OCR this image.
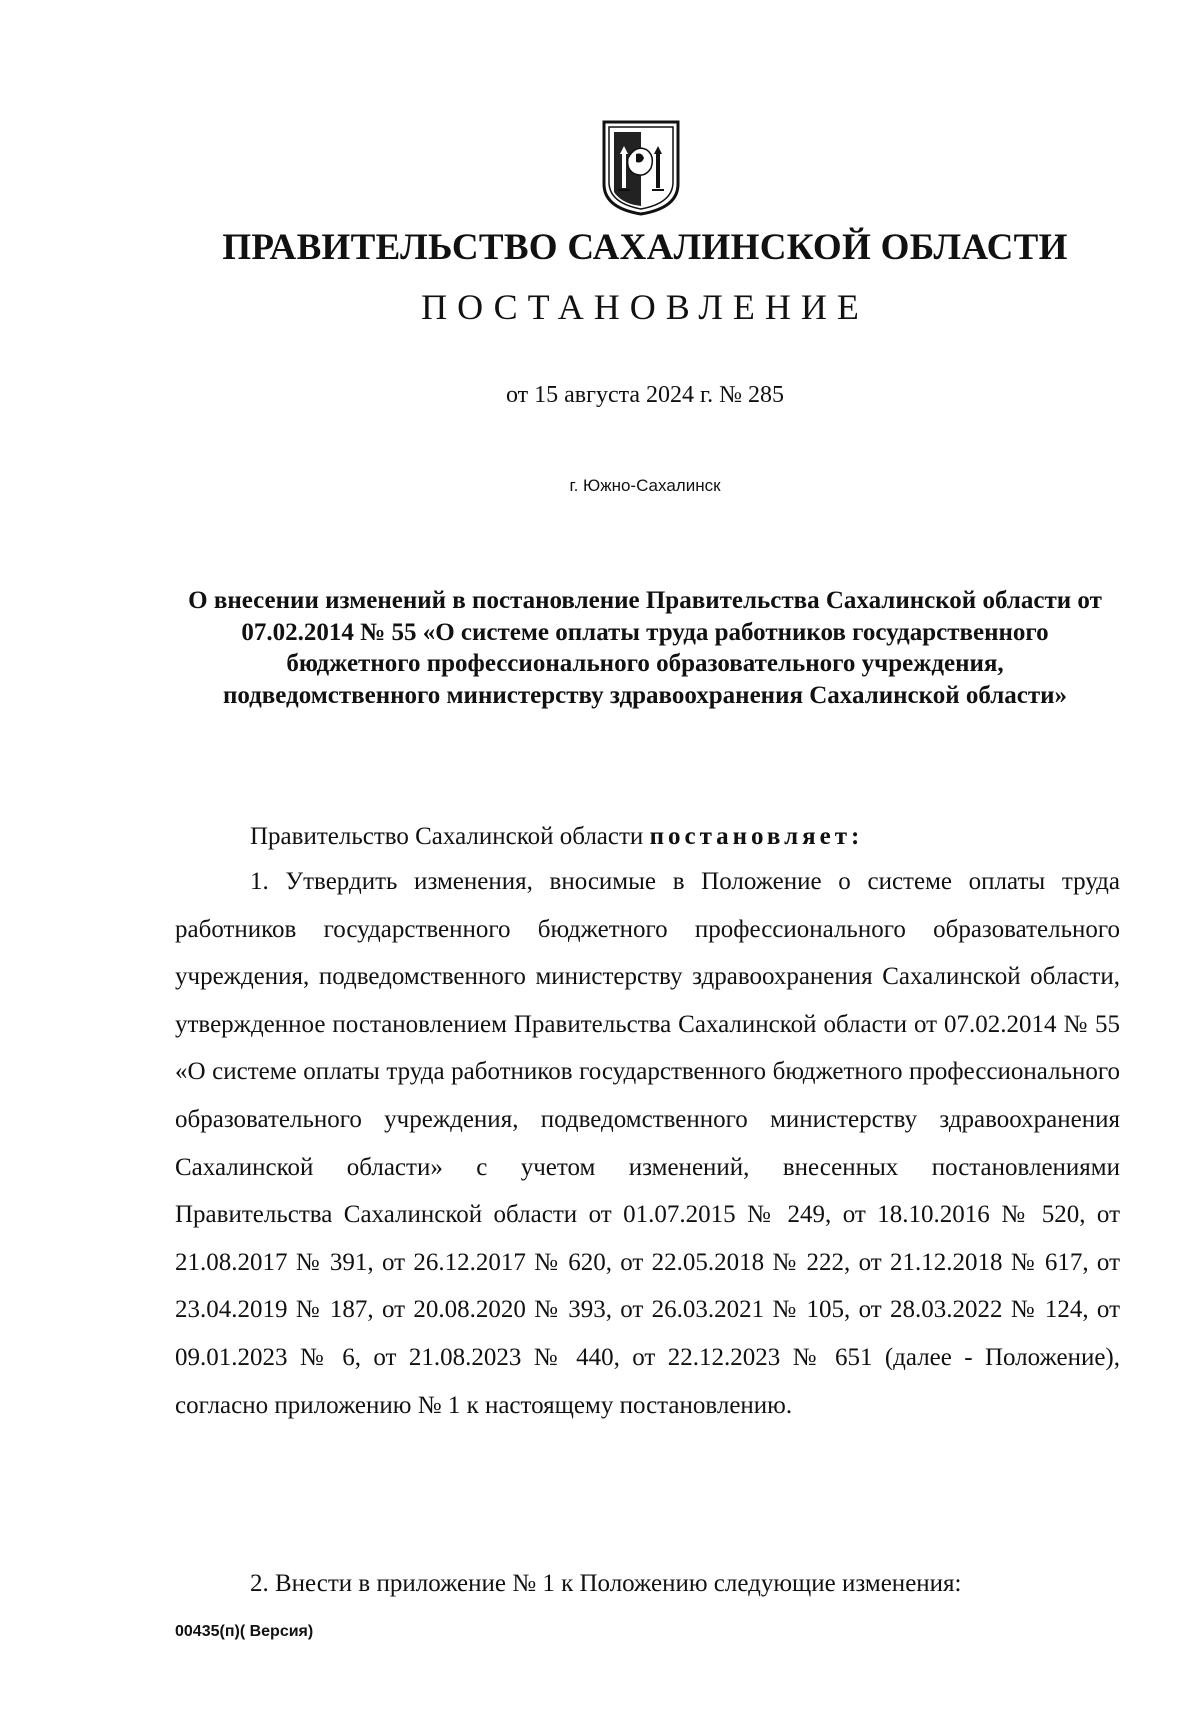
ПРАВИТЕЛЬСТВО САХАЛИНСКОЙ ОБЛАСТИ
ПОСТАНОВЛЕНИЕ
от 15 августа 2024 г. № 285
г. Южно-Сахалинск
О внесении изменений в постановление Правительства Сахалинской области от 07.02.2014 № 55 «О системе оплаты труда работников государственного бюджетного профессионального образовательного учреждения, подведомственного министерству здравоохранения Сахалинской области»
Правительство Сахалинской области постановляет:
1. Утвердить изменения, вносимые в Положение о системе оплаты труда работников государственного бюджетного профессионального образовательного учреждения, подведомственного министерству здравоохранения Сахалинской области, утвержденное постановлением Правительства Сахалинской области от 07.02.2014 № 55 «О системе оплаты труда работников государственного бюджетного профессионального образовательного учреждения, подведомственного министерству здравоохранения Сахалинской области» с учетом изменений, внесенных постановлениями Правительства Сахалинской области от 01.07.2015 № 249, от 18.10.2016 № 520, от 21.08.2017 № 391, от 26.12.2017 № 620, от 22.05.2018 № 222, от 21.12.2018 № 617, от 23.04.2019 № 187, от 20.08.2020 № 393, от 26.03.2021 № 105, от 28.03.2022 № 124, от 09.01.2023 № 6, от 21.08.2023 № 440, от 22.12.2023 № 651 (далее - Положение), согласно приложению № 1 к настоящему постановлению.
2. Внести в приложение № 1 к Положению следующие изменения:
00435(п)( Версия)
